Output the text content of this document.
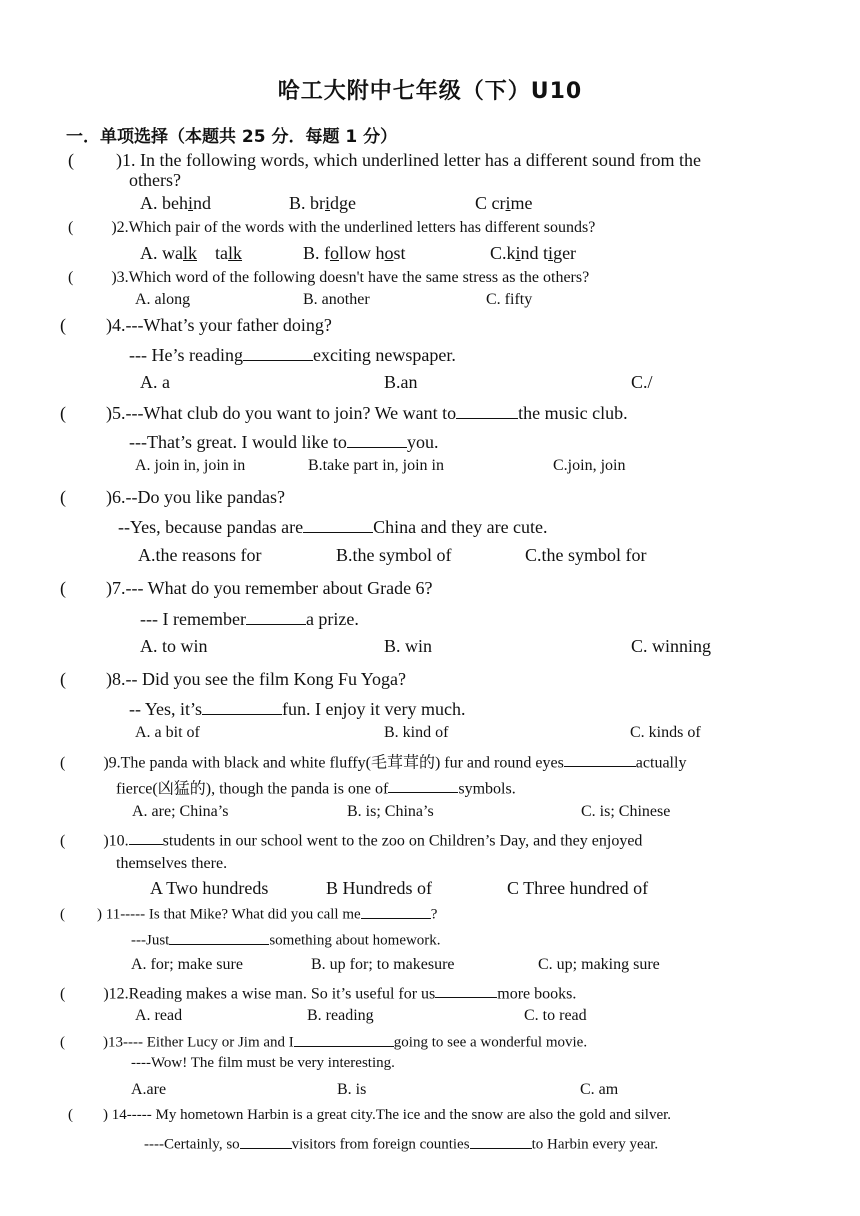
哈工大附中七年级（下）U10
一．单项选择（本题共 25 分．每题 1 分）
( )1. In the following words, which underlined letter has a different sound from the
others?
A. behind	B. bridge	C crime
( )2.Which pair of the words with the underlined letters has different sounds?
A. walk talk	B. follow host	C.kind tiger
( )3.Which word of the following doesn't have the same stress as the others?
A. along	B. another	C. fifty
( )4.---What’s your father doing?
--- He’s reading	exciting newspaper.
A. a	B.an	C./
( )5.---What club do you want to join? We want to	the music club.
---That’s great. I would like to	you.
A. join in, join in	B.take part in, join in	C.join, join
( )6.--Do you like pandas?
--Yes, because pandas are	China and they are cute.
A.the reasons for	B.the symbol of	C.the symbol for
( )7.--- What do you remember about Grade 6?
--- I remember	a prize.
A. to win	B. win	C. winning
( )8.-- Did you see the film Kong Fu Yoga?
-- Yes, it’s	fun. I enjoy it very much.
A. a bit of	B. kind of	C. kinds of
( )9.The panda with black and white fluffy(毛茸茸的) fur and round eyes	actually
fierce(凶猛的), though the panda is one of	symbols.
A. are; China’s	B. is; China’s	C. is; Chinese
( )10. students in our school went to the zoo on Children’s Day, and they enjoyed
themselves there.
A Two hundreds	B Hundreds of	C Three hundred of
( ) 11----- Is that Mike? What did you call me	?
---Just	something about homework.
A. for; make sure	B. up for; to makesure	C. up; making sure
( )12.Reading makes a wise man. So it’s useful for us	more books.
A. read	B. reading	C. to read
(	)13---- Either Lucy or Jim and I	going to see a wonderful movie.
----Wow! The film must be very interesting.
A.are	B. is	C. am
( ) 14----- My hometown Harbin is a great city.The ice and the snow are also the gold and silver.
----Certainly, so	visitors from foreign counties	to Harbin every year.
